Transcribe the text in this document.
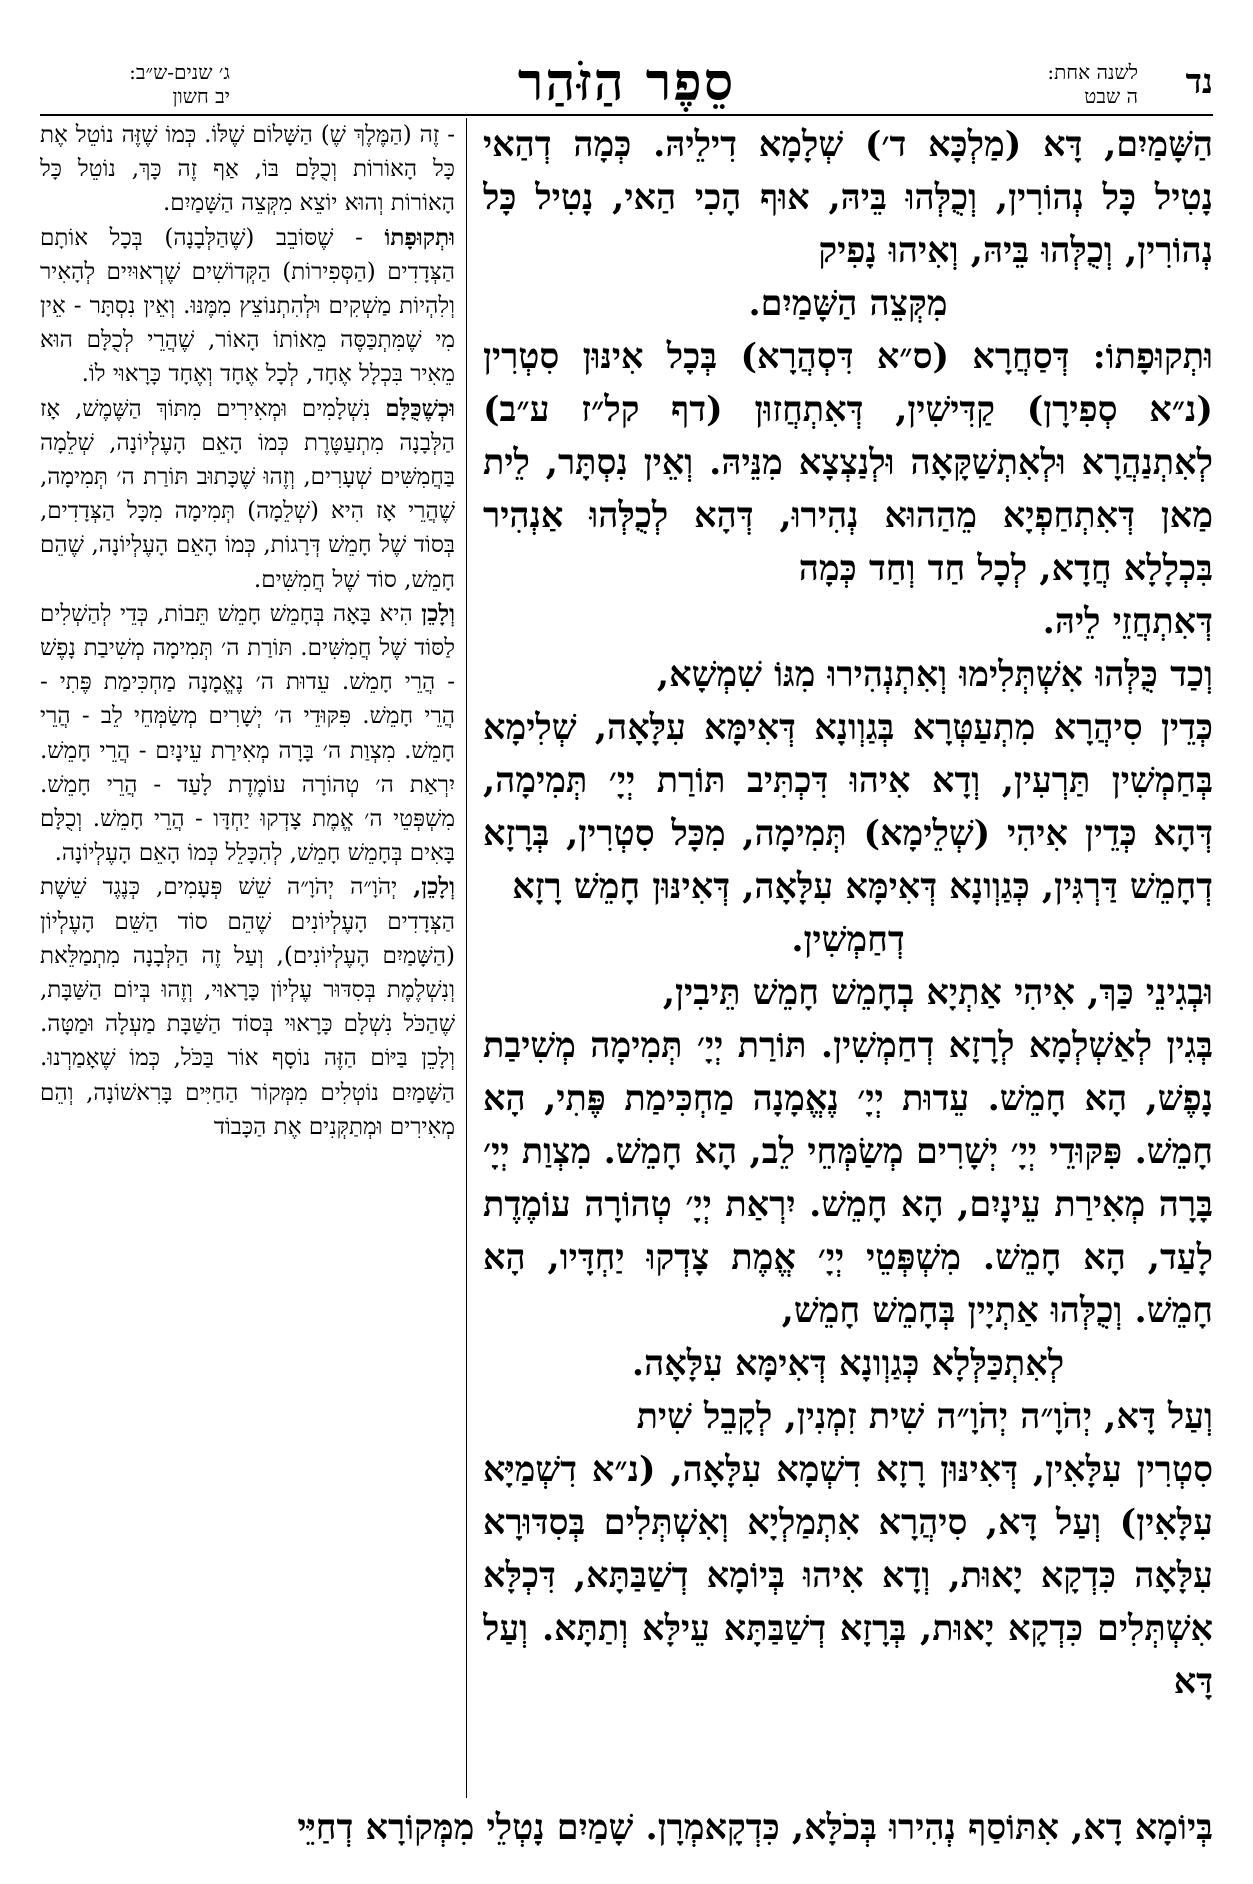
נד
לשנה אחת:
ה שבט
סֵפֶר הַזֹּהַר
ג׳ שנים-ש״ב:
יב חשון

הַשָּׁמַיִם, דָּא (מַלְכָּא ד׳) שְׁלָמָא דִילֵיהּ. כְּמָה דְהַאי נָטִיל כָּל נְהוֹרִין, וְכֻלְּהוּ בֵּיהּ, אוּף הָכִי הַאי, נָטִיל כָּל נְהוֹרִין, וְכֻלְּהוּ בֵּיהּ, וְאִיהוּ נָפִיק

מִקְּצֵה הַשָּׁמַיִם.

וּתְקוּפָתוֹ: דְּסַחֲרָא (ס״א דִּסְהֲרָא) בְּכָל אִינּוּן סִטְרִין (נ״א סְפִירָן) קַדִּישִׁין, דְּאִתְחֲזוּן (דף קל״ז ע״ב) לְאִתְנַהֲרָא וּלְאִתְשַׁקָּאָה וּלְנַצְצָא מִנֵּיהּ. וְאֵין נִסְתָּר, לֵית מַאן דְּאִתְחַפְיָא מֵהַהוּא נְהִירוּ, דְּהָא לְכֻלְּהוּ אַנְהִיר בִּכְלָלָא חֲדָא, לְכָל חַד וְחַד כְּמָה

דְּאִתְחֲזֵי לֵיהּ.

וְכַד כֻּלְּהוּ אִשְׁתְּלִימוּ וְאִתְנְהִירוּ מִגּוֹ שִׁמְשָׁא,

כְּדֵין סִיהֲרָא מִתְעַטְּרָא בְּגַוְונָא דְּאִימָּא עִלָּאָה, שְׁלִימָא בְּחַמְשִׁין תַּרְעִין, וְדָא אִיהוּ דִּכְתִּיב תּוֹרַת יְיָ׳ תְּמִימָה, דְּהָא כְּדֵין אִיהִי (שְׁלֵימָא) תְּמִימָה, מִכָּל סִטְרִין, בְּרָזָא דְחָמֵשׁ דַּרְגִּין, כְּגַוְונָא דְּאִימָּא עִלָּאָה, דְּאִינּוּן חָמֵשׁ רָזָא

דְחַמְשִׁין.

וּבְגִינֵי כַּךְ, אִיהִי אַתְיָא בְחָמֵשׁ חָמֵשׁ תֵּיבִין,

בְּגִין לְאַשְׁלְמָא לְרָזָא דְחַמְשִׁין. תּוֹרַת יְיָ׳ תְּמִימָה מְשִׁיבַת נָפֶשׁ, הָא חָמֵשׁ. עֵדוּת יְיָ׳ נֶאֱמָנָה מַחְכִּימַת פֶּתִי, הָא חָמֵשׁ. פִּקּוּדֵי יְיָ׳ יְשָׁרִים מְשַׂמְּחֵי לֵב, הָא חָמֵשׁ. מִצְוַת יְיָ׳ בָּרָה מְאִירַת עֵינָיִם, הָא חָמֵשׁ. יִרְאַת יְיָ׳ טְהוֹרָה עוֹמֶדֶת לָעַד, הָא חָמֵשׁ. מִשְׁפְּטֵי יְיָ׳ אֱמֶת צָדְקוּ יַחְדָּיו, הָא חָמֵשׁ. וְכֻלְּהוּ אַתְיָין בְּחָמֵשׁ חָמֵשׁ,

לְאִתְכַּלְּלָא כְּגַוְונָא דְּאִימָּא עִלָּאָה.

וְעַל דָּא, יְהֹוָ״ה יְהֹוָ״ה שִׁית זִמְנִין, לְקָבֵל שִׁית

סִטְרִין עִלָּאִין, דְּאִינּוּן רָזָא דִשְׁמָא עִלָּאָה, (נ״א דִשְׁמַיָּא עִלָּאִין) וְעַל דָּא, סִיהֲרָא אִתְמַלְיָא וְאִשְׁתְּלִים בְּסִדּוּרָא עִלָּאָה כִּדְקָא יָאוּת, וְדָא אִיהוּ בְּיוֹמָא דְשַׁבַּתָּא, דִּכְלָּא אִשְׁתְּלִים כִּדְקָא יָאוּת, בְּרָזָא דְשַׁבַּתָּא עֵילָּא וְתַתָּא. וְעַל דָּא

- זֶה (הַמֶּלֶךְ שֶׁ) הַשָּׁלוֹם שֶׁלּוֹ. כְּמוֹ שֶׁזֶּה נוֹטֵל אֶת כָּל הָאוֹרוֹת וְכֻלָּם בּוֹ, אַף זֶה כָּךְ, נוֹטֵל כָּל הָאוֹרוֹת וְהוּא יוֹצֵא מִקְּצֵה הַשָּׁמַיִם.

וּתְקוּפָתוֹ - שֶׁסּוֹבֵב (שֶׁהַלְּבָנָה) בְּכָל אוֹתָם הַצְּדָדִים (הַסְּפִירוֹת) הַקְּדוֹשִׁים שֶׁרְאוּיִים לְהָאִיר וְלִהְיוֹת מַשְׁקִים וּלְהִתְנוֹצֵץ מִמֶּנּוּ. וְאֵין נִסְתָּר - אֵין מִי שֶׁמִּתְכַּסֶּה מֵאוֹתוֹ הָאוֹר, שֶׁהֲרֵי לְכֻלָּם הוּא מֵאִיר בִּכְלָל אֶחָד, לְכָל אֶחָד וְאֶחָד כָּרָאוּי לוֹ.

וּכְשֶׁכֻּלָּם נִשְׁלָמִים וּמְאִירִים מִתּוֹךְ הַשֶּׁמֶשׁ, אָז הַלְּבָנָה מִתְעַטֶּרֶת כְּמוֹ הָאֵם הָעֶלְיוֹנָה, שְׁלֵמָה בַּחֲמִשִּׁים שְׁעָרִים, וְזֶהוּ שֶׁכָּתוּב תּוֹרַת ה׳ תְּמִימָה, שֶׁהֲרֵי אָז הִיא (שְׁלֵמָה) תְּמִימָה מִכָּל הַצְּדָדִים, בְּסוֹד שֶׁל חָמֵשׁ דְּרָגוֹת, כְּמוֹ הָאֵם הָעֶלְיוֹנָה, שֶׁהֵם חָמֵשׁ, סוֹד שֶׁל חֲמִשִּׁים.

וְלָכֵן הִיא בָּאָה בְּחָמֵשׁ חָמֵשׁ תֵּבוֹת, כְּדֵי לְהַשְׁלִים לַסּוֹד שֶׁל חֲמִשִּׁים. תּוֹרַת ה׳ תְּמִימָה מְשִׁיבַת נָפֶשׁ - הֲרֵי חָמֵשׁ. עֵדוּת ה׳ נֶאֱמָנָה מַחְכִּימַת פֶּתִי - הֲרֵי חָמֵשׁ. פִּקּוּדֵי ה׳ יְשָׁרִים מְשַׂמְּחֵי לֵב - הֲרֵי חָמֵשׁ. מִצְוַת ה׳ בָּרָה מְאִירַת עֵינָיִם - הֲרֵי חָמֵשׁ. יִרְאַת ה׳ טְהוֹרָה עוֹמֶדֶת לָעַד - הֲרֵי חָמֵשׁ. מִשְׁפְּטֵי ה׳ אֱמֶת צָדְקוּ יַחְדָּו - הֲרֵי חָמֵשׁ. וְכֻלָּם בָּאִים בְּחָמֵשׁ חָמֵשׁ, לְהִכָּלֵל כְּמוֹ הָאֵם הָעֶלְיוֹנָה.

וְלָכֵן, יְהֹוָ״ה יְהֹוָ״ה שֵׁשׁ פְּעָמִים, כְּנֶגֶד שֵׁשֶׁת הַצְּדָדִים הָעֶלְיוֹנִים שֶׁהֵם סוֹד הַשֵּׁם הָעֶלְיוֹן (הַשָּׁמַיִם הָעֶלְיוֹנִים), וְעַל זֶה הַלְּבָנָה מִתְמַלֵּאת וְנִשְׁלֶמֶת בְּסִדּוּר עֶלְיוֹן כָּרָאוּי, וְזֶהוּ בְּיוֹם הַשַּׁבָּת, שֶׁהַכֹּל נִשְׁלָם כָּרָאוּי בְּסוֹד הַשַּׁבָּת מַעְלָה וּמַטָּה. וְלָכֵן בַּיּוֹם הַזֶּה נוֹסָף אוֹר בַּכֹּל, כְּמוֹ שֶׁאָמַרְנוּ. הַשָּׁמַיִם נוֹטְלִים מִמְּקוֹר הַחַיִּים בָּרִאשׁוֹנָה, וְהֵם מְאִירִים וּמְתַקְּנִים אֶת הַכָּבוֹד

בְּיוֹמָא דָא, אִתּוֹסַף נְהִירוּ בְּכֹלָּא, כִּדְקָאמְרָן. שָׁמַיִם נָטְלֵי מִמְּקוֹרָא דְחַיֵּי
